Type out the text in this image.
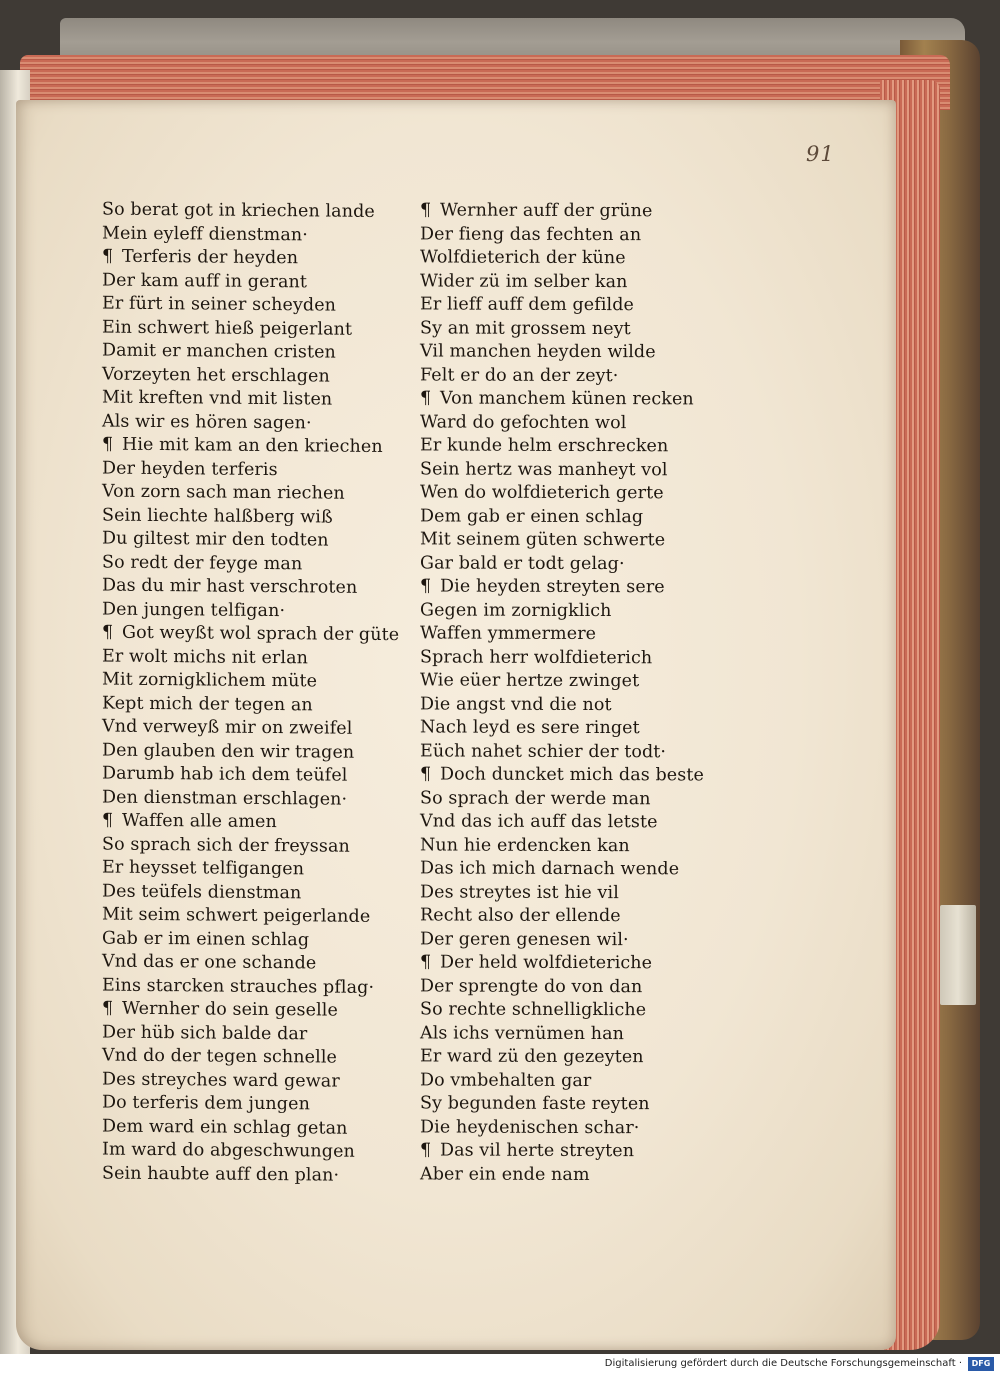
91
So berat got in kriechen lande
Mein eyleff dienstman·
¶ Terferis der heyden
Der kam auff in gerant
Er fürt in seiner scheyden
Ein schwert hieß peigerlant
Damit er manchen cristen
Vorzeyten het erschlagen
Mit kreften vnd mit listen
Als wir es hören sagen·
¶ Hie mit kam an den kriechen
Der heyden terferis
Von zorn sach man riechen
Sein liechte halßberg wiß
Du giltest mir den todten
So redt der feyge man
Das du mir hast verschroten
Den jungen telfigan·
¶ Got weyßt wol sprach der güte
Er wolt michs nit erlan
Mit zornigklichem müte
Kept mich der tegen an
Vnd verweyß mir on zweifel
Den glauben den wir tragen
Darumb hab ich dem teüfel
Den dienstman erschlagen·
¶ Waffen alle amen
So sprach sich der freyssan
Er heysset telfigangen
Des teüfels dienstman
Mit seim schwert peigerlande
Gab er im einen schlag
Vnd das er one schande
Eins starcken strauches pflag·
¶ Wernher do sein geselle
Der hüb sich balde dar
Vnd do der tegen schnelle
Des streyches ward gewar
Do terferis dem jungen
Dem ward ein schlag getan
Im ward do abgeschwungen
Sein haubte auff den plan·
¶ Wernher auff der grüne
Der fieng das fechten an
Wolfdieterich der küne
Wider zü im selber kan
Er lieff auff dem gefilde
Sy an mit grossem neyt
Vil manchen heyden wilde
Felt er do an der zeyt·
¶ Von manchem künen recken
Ward do gefochten wol
Er kunde helm erschrecken
Sein hertz was manheyt vol
Wen do wolfdieterich gerte
Dem gab er einen schlag
Mit seinem güten schwerte
Gar bald er todt gelag·
¶ Die heyden streyten sere
Gegen im zornigklich
Waffen ymmermere
Sprach herr wolfdieterich
Wie eüer hertze zwinget
Die angst vnd die not
Nach leyd es sere ringet
Eüch nahet schier der todt·
¶ Doch duncket mich das beste
So sprach der werde man
Vnd das ich auff das letste
Nun hie erdencken kan
Das ich mich darnach wende
Des streytes ist hie vil
Recht also der ellende
Der geren genesen wil·
¶ Der held wolfdieteriche
Der sprengte do von dan
So rechte schnelligkliche
Als ichs vernümen han
Er ward zü den gezeyten
Do vmbehalten gar
Sy begunden faste reyten
Die heydenischen schar·
¶ Das vil herte streyten
Aber ein ende nam
Digitalisierung gefördert durch die Deutsche Forschungsgemeinschaft ·	DFG
